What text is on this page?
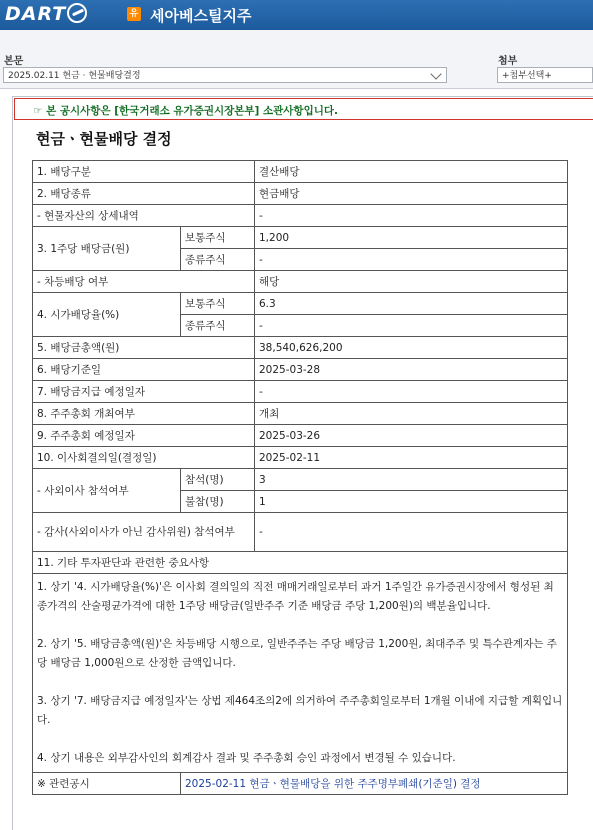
DART	유 세아베스틸지주
본문
2025.02.11 현금 · 현물배당결정
첨부
+첨부선택+
☞ 본 공시사항은 [한국거래소 유가증권시장본부] 소관사항입니다.
현금ㆍ현물배당 결정
1. 배당구분		결산배당
2. 배당종류		현금배당
- 현물자산의 상세내역		-
3. 1주당 배당금(원)	보통주식	1,200
	종류주식	-
- 차등배당 여부		해당
4. 시가배당율(%)	보통주식	6.3
	종류주식	-
5. 배당금총액(원)		38,540,626,200
6. 배당기준일		2025-03-28
7. 배당금지급 예정일자		-
8. 주주총회 개최여부		개최
9. 주주총회 예정일자		2025-03-26
10. 이사회결의일(결정일)		2025-02-11
- 사외이사 참석여부	참석(명)	3
	불참(명)	1
- 감사(사외이사가 아닌 감사위원) 참석여부		-
11. 기타 투자판단과 관련한 중요사항		

1. 상기 '4. 시가배당율(%)'은 이사회 결의일의 직전 매매거래일로부터 과거 1주일간 유가증권시장에서 형성된 최종가격의 산술평균가격에 대한 1주당 배당금(일반주주 기준 배당금 주당 1,200원)의 백분율입니다.
2. 상기 '5. 배당금총액(원)'은 차등배당 시행으로, 일반주주는 주당 배당금 1,200원, 최대주주 및 특수관계자는 주당 배당금 1,000원으로 산정한 금액입니다.
3. 상기 '7. 배당금지급 예정일자'는 상법 제464조의2에 의거하여 주주총회일로부터 1개월 이내에 지급할 계획입니다.
4. 상기 내용은 외부감사인의 회계감사 결과 및 주주총회 승인 과정에서 변경될 수 있습니다.		

※ 관련공시	2025-02-11 현금ㆍ현물배당을 위한 주주명부폐쇄(기준일) 결정	
